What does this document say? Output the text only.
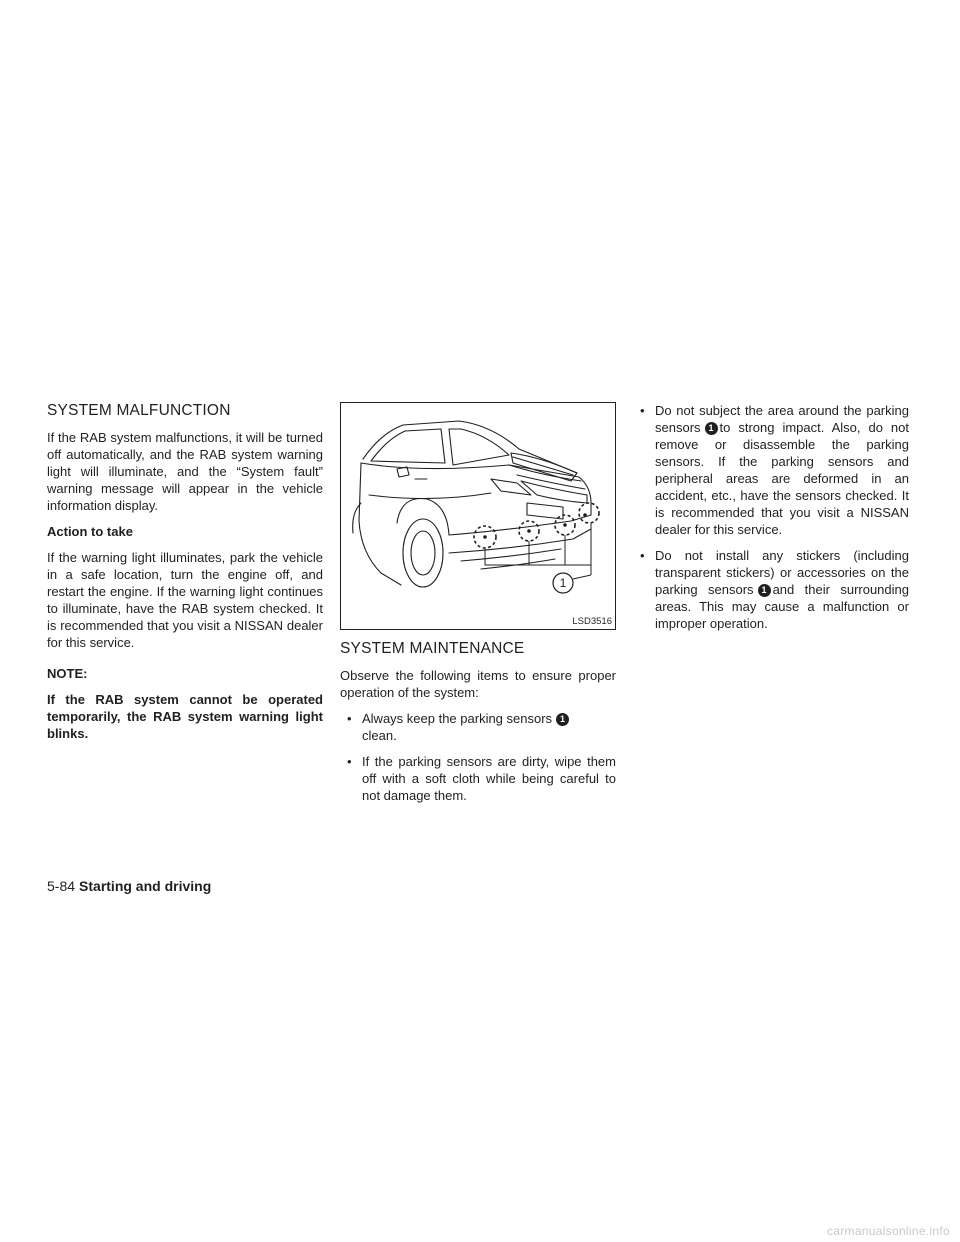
SYSTEM MALFUNCTION

If the RAB system malfunctions, it will be turned off automatically, and the RAB system warning light will illuminate, and the “System fault” warning message will appear in the vehicle information display.

Action to take

If the warning light illuminates, park the vehicle in a safe location, turn the engine off, and restart the engine. If the warning light continues to illuminate, have the RAB system checked. It is recommended that you visit a NISSAN dealer for this service.

NOTE:

If the RAB system cannot be operated temporarily, the RAB system warning light blinks.

1
LSD3516
SYSTEM MAINTENANCE

Observe the following items to ensure proper operation of the system:

• Always keep the parking sensors 1
clean.
• If the parking sensors are dirty, wipe them off with a soft cloth while being careful to not damage them.
• Do not subject the area around the parking sensors 1 to strong impact. Also, do not remove or disassemble the parking sensors. If the parking sensors and peripheral areas are deformed in an accident, etc., have the sensors checked. It is recommended that you visit a NISSAN dealer for this service.
• Do not install any stickers (including transparent stickers) or accessories on the parking sensors 1 and their surrounding areas. This may cause a malfunction or improper operation.
5-84 Starting and driving
carmanualsonline.info
